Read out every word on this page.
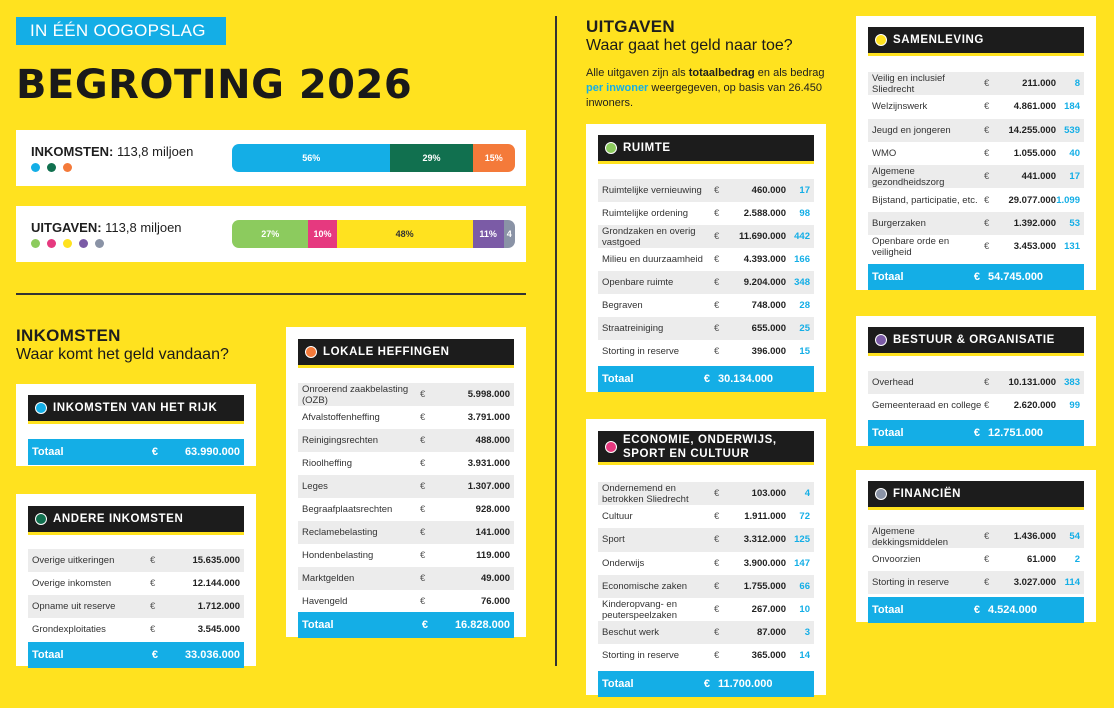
IN ÉÉN OOGOPSLAG
BEGROTING 2026
INKOMSTEN: 113,8 miljoen	56%	29%	15%
UITGAVEN: 113,8 miljoen	27%	10%	48%	11%	4
INKOMSTEN
Waar komt het geld vandaan?
UITGAVEN
Waar gaat het geld naar toe?
Alle uitgaven zijn als totaalbedrag en als bedrag per inwoner weergegeven, op basis van 26.450 inwoners.
INKOMSTEN VAN HET RIJK
Totaal	€	63.990.000
ANDERE INKOMSTEN
Overige uitkeringen	€	15.635.000
Overige inkomsten	€	12.144.000
Opname uit reserve	€	1.712.000
Grondexploitaties	€	3.545.000
Totaal	€	33.036.000
LOKALE HEFFINGEN
Onroerend zaakbelasting (OZB)	€	5.998.000
Afvalstoffenheffing	€	3.791.000
Reinigingsrechten	€	488.000
Rioolheffing	€	3.931.000
Leges	€	1.307.000
Begraafplaatsrechten	€	928.000
Reclamebelasting	€	141.000
Hondenbelasting	€	119.000
Marktgelden	€	49.000
Havengeld	€	76.000
Totaal	€	16.828.000
RUIMTE
Ruimtelijke vernieuwing	€	460.000	17
Ruimtelijke ordening	€	2.588.000	98
Grondzaken en overig vastgoed	€	11.690.000 442
Milieu en duurzaamheid	€	4.393.000 166
Openbare ruimte	€	9.204.000 348
Begraven	€	748.000	28
Straatreiniging	€	655.000	25
Storting in reserve	€	396.000	15
Totaal	€ 30.134.000
ECONOMIE, ONDERWIJS, SPORT EN CULTUUR
Ondernemend en betrokken Sliedrecht	€	103.000	4
Cultuur	€	1.911.000	72
Sport	€	3.312.000 125
Onderwijs	€	3.900.000 147
Economische zaken	€	1.755.000	66
Kinderopvang- en peuterspeelzaken	€	267.000	10
Beschut werk	€	87.000	3
Storting in reserve	€	365.000	14
Totaal	€ 11.700.000
SAMENLEVING
Veilig en inclusief Sliedrecht	€	211.000	8
Welzijnswerk	€	4.861.000 184
Jeugd en jongeren	€	14.255.000 539
WMO	€	1.055.000	40
Algemene gezondheidszorg	€	441.000	17
Bijstand, participatie, etc. €	29.077.000 1.099
Burgerzaken	€	1.392.000	53
Openbare orde en veiligheid	€	3.453.000 131
Totaal	€ 54.745.000
BESTUUR & ORGANISATIE
Overhead	€	10.131.000 383
Gemeenteraad en college €	2.620.000	99
Totaal	€ 12.751.000
FINANCIËN
Algemene dekkingsmiddelen	€	1.436.000	54
Onvoorzien	€	61.000	2
Storting in reserve	€	3.027.000 114
Totaal	€ 4.524.000
